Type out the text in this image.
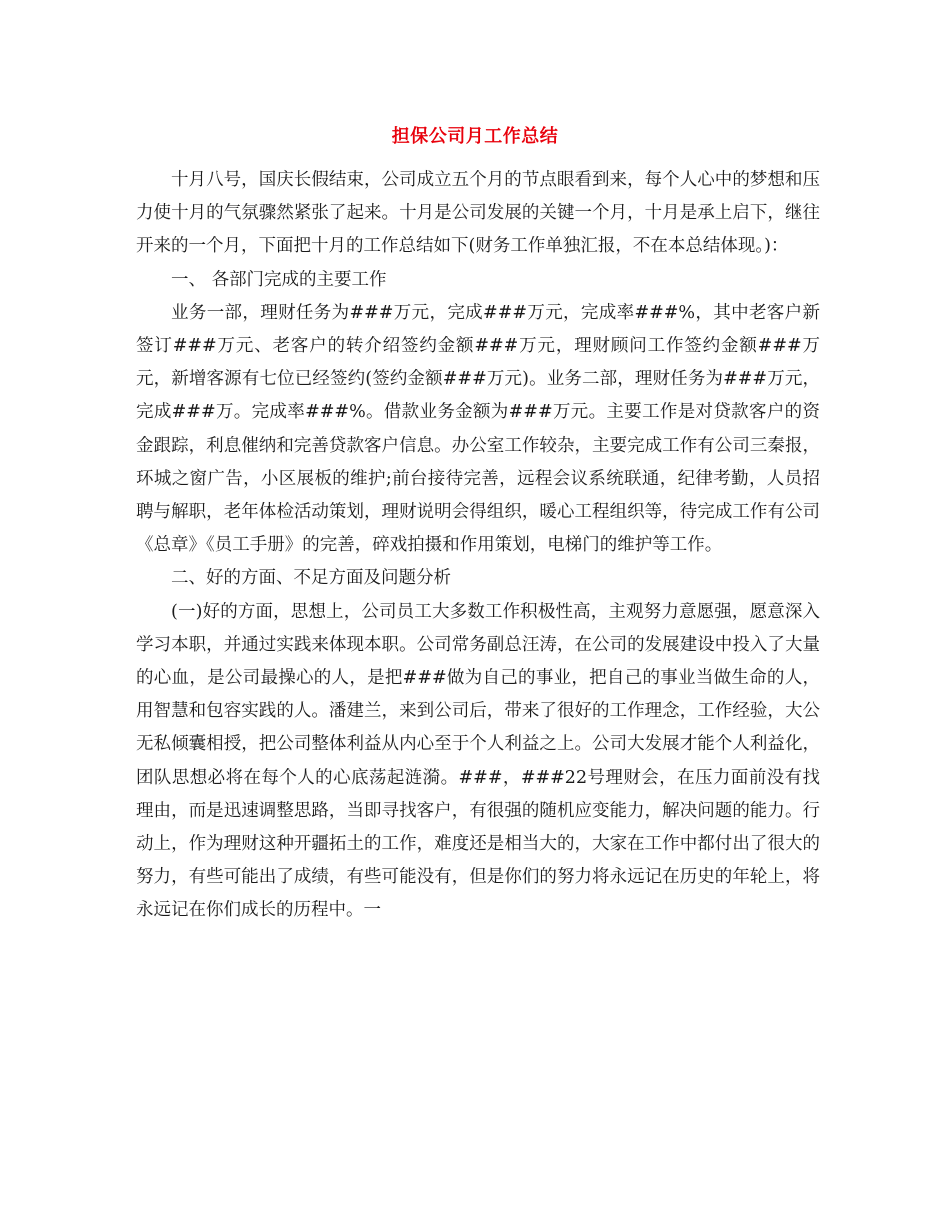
担保公司月工作总结

十月八号，国庆长假结束，公司成立五个月的节点眼看到来，每个人心中的梦想和压力使十月的气氛骤然紧张了起来。十月是公司发展的关键一个月，十月是承上启下，继往开来的一个月，下面把十月的工作总结如下(财务工作单独汇报，不在本总结体现。)：

一、 各部门完成的主要工作

业务一部，理财任务为###万元，完成###万元，完成率###%，其中老客户新签订###万元、老客户的转介绍签约金额###万元，理财顾问工作签约金额###万元，新增客源有七位已经签约(签约金额###万元)。业务二部，理财任务为###万元，完成###万。完成率###%。借款业务金额为###万元。主要工作是对贷款客户的资金跟踪，利息催纳和完善贷款客户信息。办公室工作较杂，主要完成工作有公司三秦报，环城之窗广告，小区展板的维护;前台接待完善，远程会议系统联通，纪律考勤，人员招聘与解职，老年体检活动策划，理财说明会得组织，暖心工程组织等，待完成工作有公司《总章》《员工手册》的完善，碎戏拍摄和作用策划，电梯门的维护等工作。

二、好的方面、不足方面及问题分析

(一)好的方面，思想上，公司员工大多数工作积极性高，主观努力意愿强，愿意深入学习本职，并通过实践来体现本职。公司常务副总汪涛，在公司的发展建设中投入了大量的心血，是公司最操心的人，是把###做为自己的事业，把自己的事业当做生命的人，用智慧和包容实践的人。潘建兰，来到公司后，带来了很好的工作理念，工作经验，大公无私倾囊相授，把公司整体利益从内心至于个人利益之上。公司大发展才能个人利益化，团队思想必将在每个人的心底荡起涟漪。###，###22号理财会，在压力面前没有找理由，而是迅速调整思路，当即寻找客户，有很强的随机应变能力，解决问题的能力。行动上，作为理财这种开疆拓土的工作，难度还是相当大的，大家在工作中都付出了很大的努力，有些可能出了成绩，有些可能没有，但是你们的努力将永远记在历史的年轮上，将永远记在你们成长的历程中。一
